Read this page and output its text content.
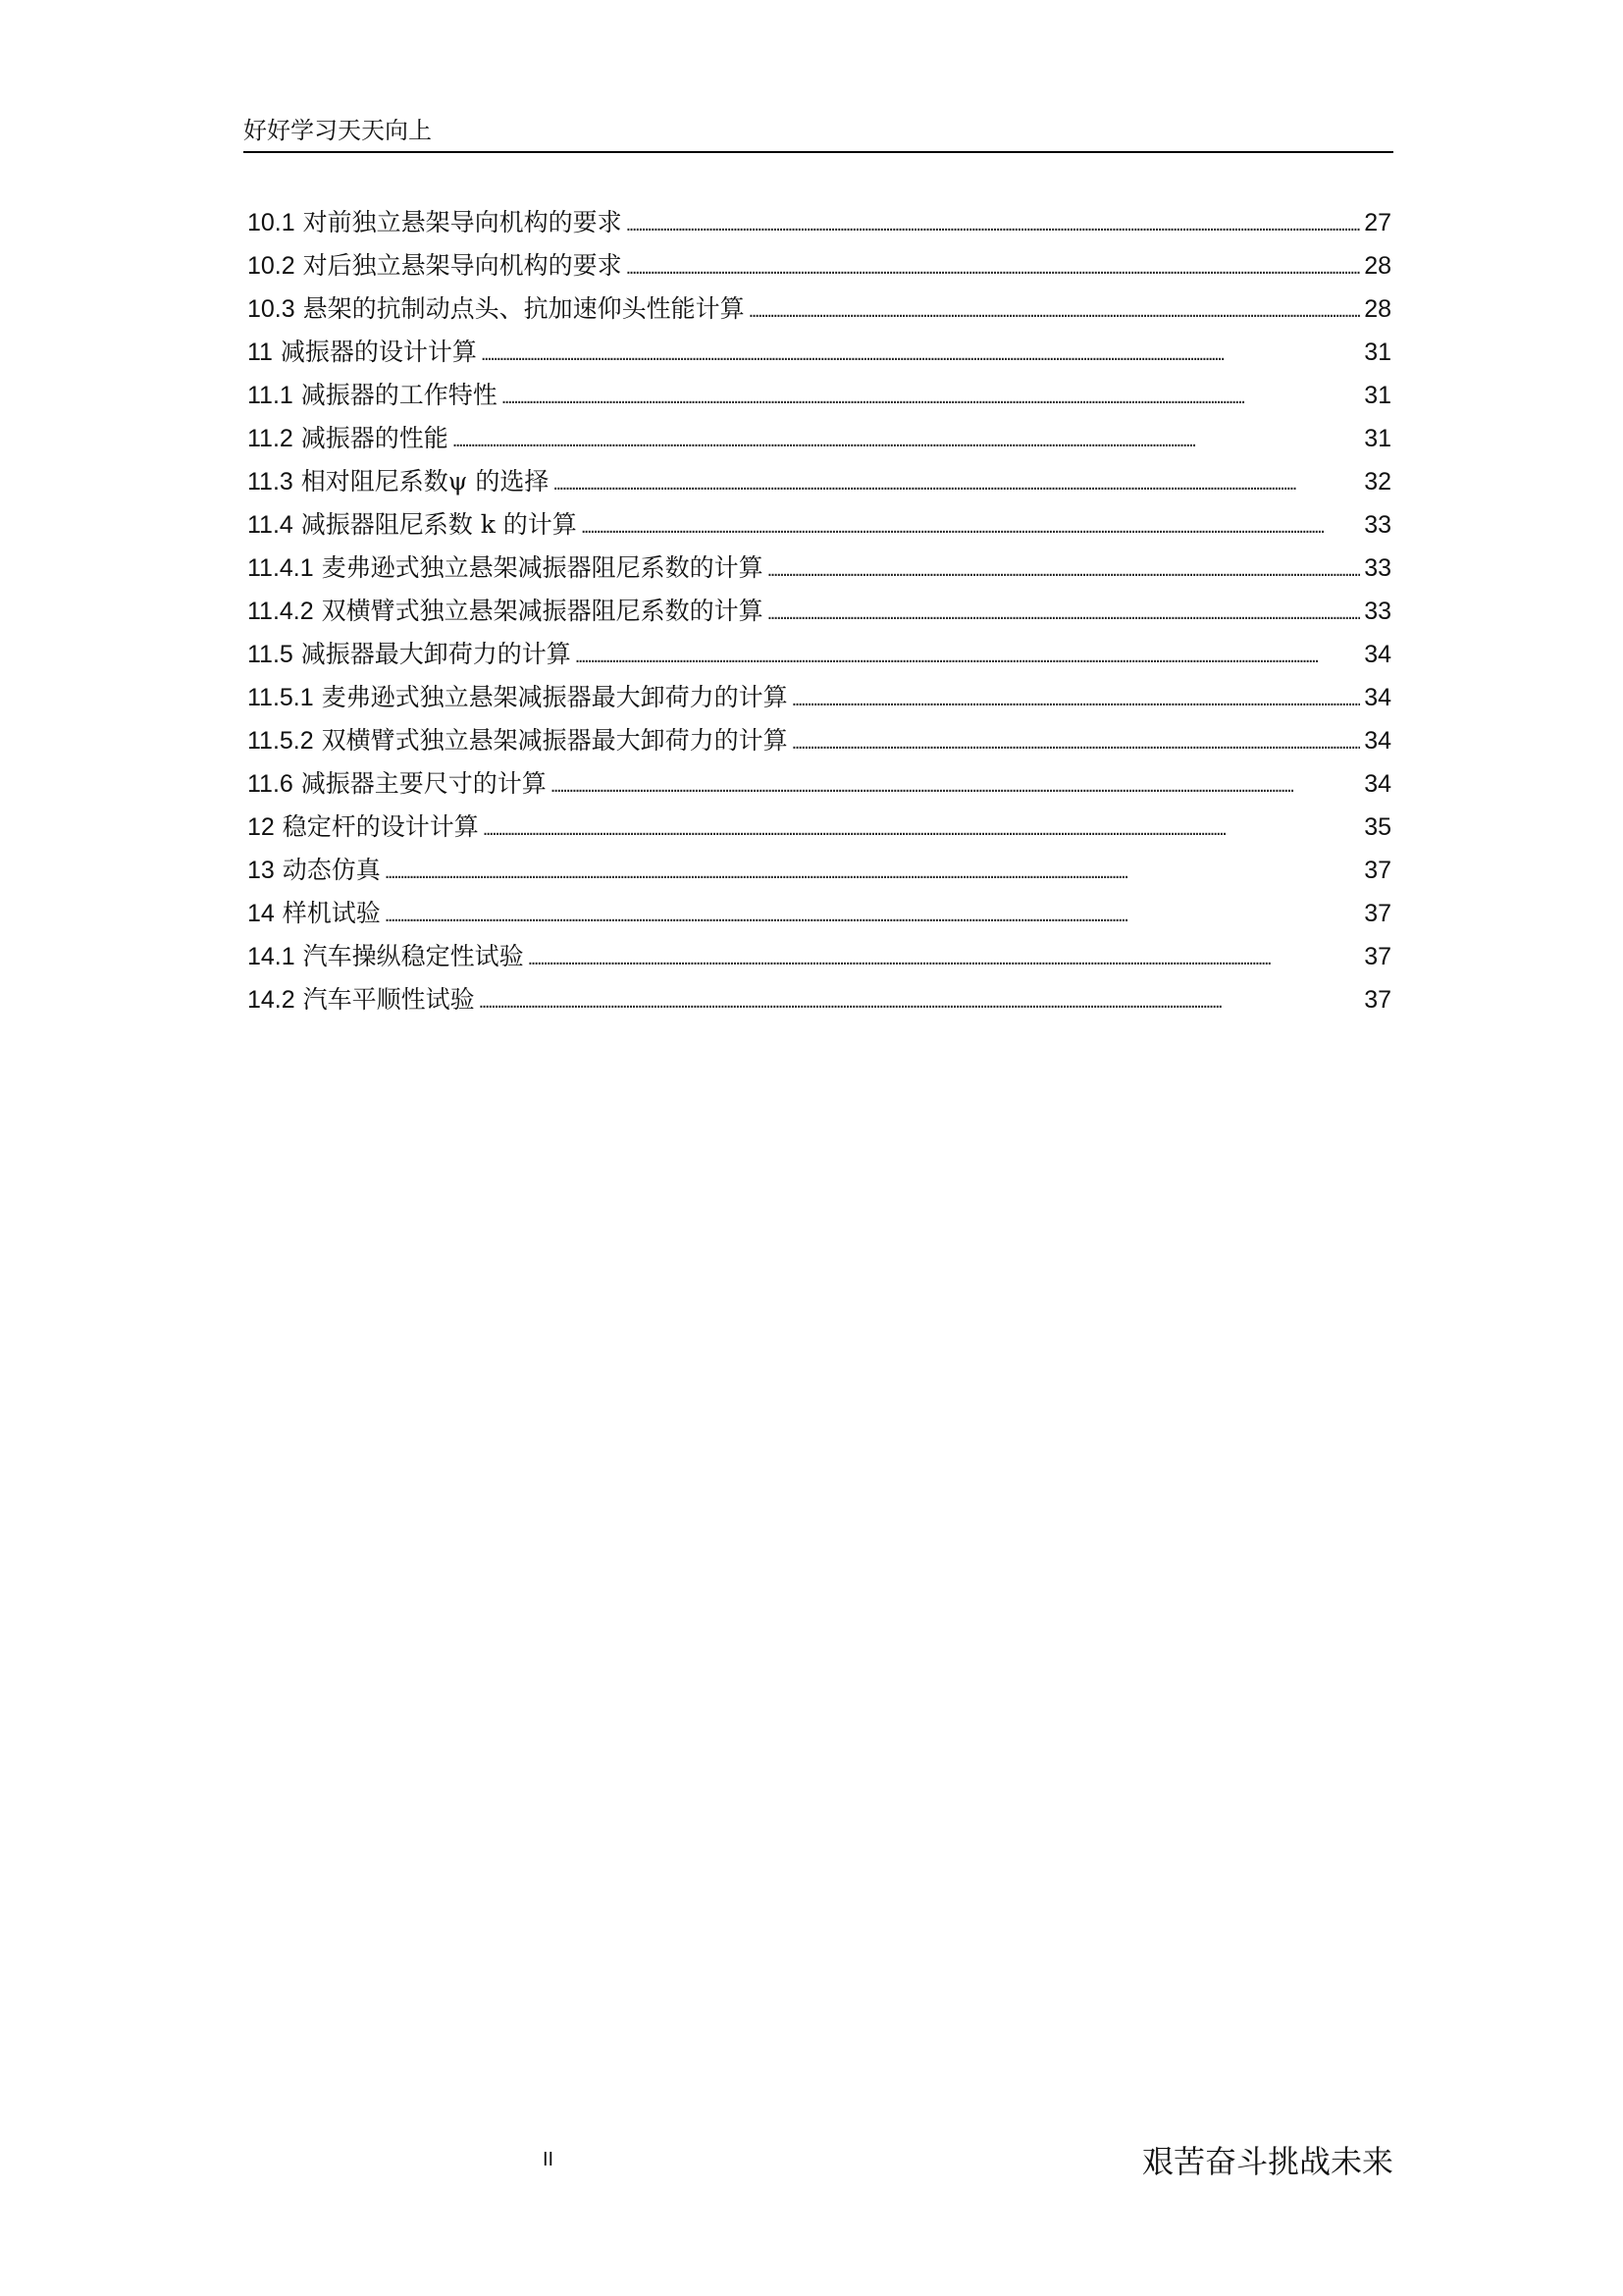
好好学习天天向上
10.1 对前独立悬架导向机构的要求 . . .	27
10.2 对后独立悬架导向机构的要求 . . .	28
10.3 悬架的抗制动点头、抗加速仰头性能计算 . . .	28
11 减振器的设计计算 . . .	31
11.1 减振器的工作特性 . . .	31
11.2 减振器的性能 . . .	31
11.3 相对阻尼系数ψ 的选择 . . .	32
11.4 减振器阻尼系数 k 的计算 . . .	33
11.4.1 麦弗逊式独立悬架减振器阻尼系数的计算 . . .	33
11.4.2 双横臂式独立悬架减振器阻尼系数的计算 . . .	33
11.5 减振器最大卸荷力的计算 . . .	34
11.5.1 麦弗逊式独立悬架减振器最大卸荷力的计算 . . .	34
11.5.2 双横臂式独立悬架减振器最大卸荷力的计算 . . .	34
11.6 减振器主要尺寸的计算 . . .	34
12 稳定杆的设计计算 . . .	35
13 动态仿真 . . .	37
14 样机试验 . . .	37
14.1 汽车操纵稳定性试验 . . .	37
14.2 汽车平顺性试验 . . .	37
II	艰苦奋斗挑战未来
